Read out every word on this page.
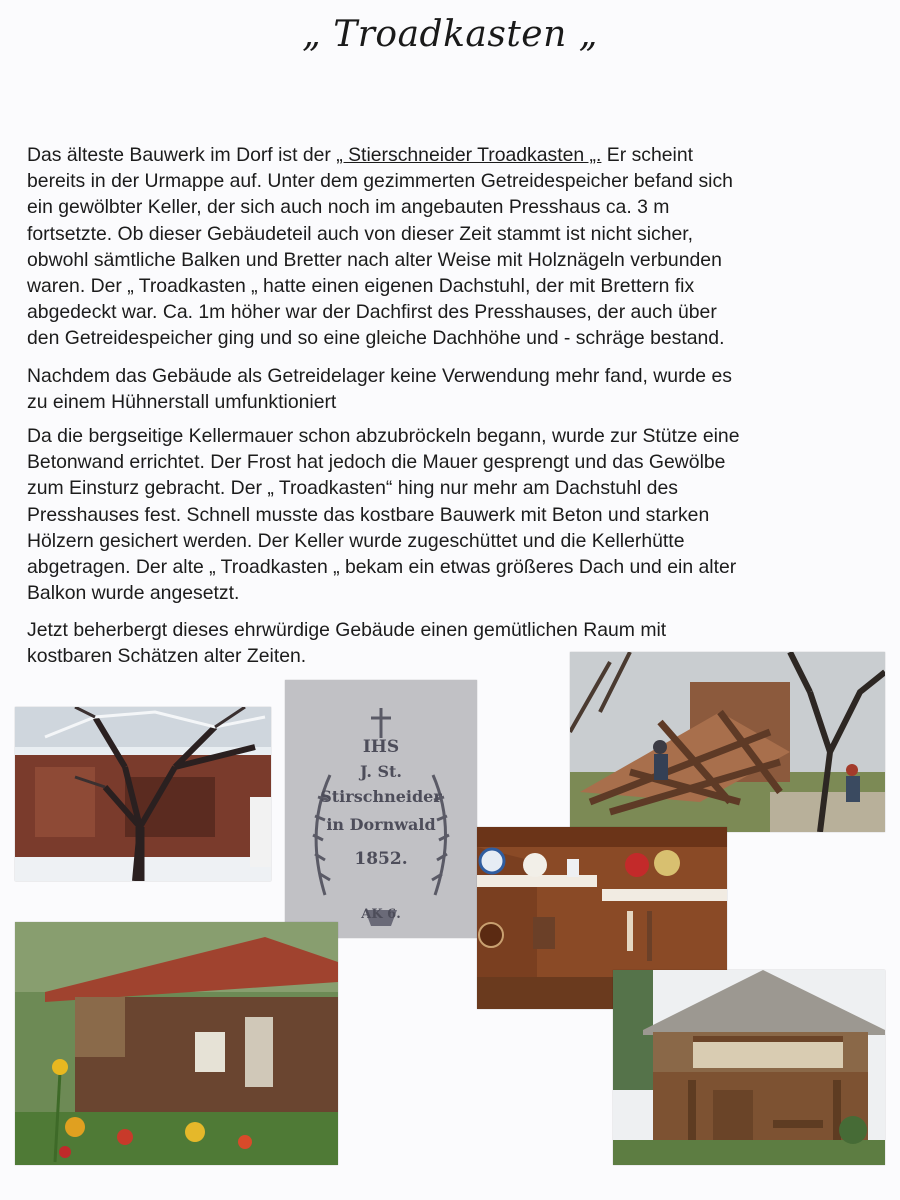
„ Troadkasten „

Das älteste Bauwerk im Dorf ist der „ Stierschneider Troadkasten „. Er scheint
bereits in der Urmappe auf. Unter dem gezimmerten Getreidespeicher befand sich
ein gewölbter Keller, der sich auch noch im angebauten Presshaus ca. 3 m
fortsetzte. Ob dieser Gebäudeteil auch von dieser Zeit stammt ist nicht sicher,
obwohl sämtliche Balken und Bretter nach alter Weise mit Holznägeln verbunden
waren. Der „ Troadkasten „ hatte einen eigenen Dachstuhl, der mit Brettern fix
abgedeckt war. Ca. 1m höher war der Dachfirst des Presshauses, der auch über
den Getreidespeicher ging und so eine gleiche Dachhöhe und - schräge bestand.

Nachdem das Gebäude als Getreidelager keine Verwendung mehr fand, wurde es
zu einem Hühnerstall umfunktioniert

Da die bergseitige Kellermauer schon abzubröckeln begann, wurde zur Stütze eine
Betonwand errichtet. Der Frost hat jedoch die Mauer gesprengt und das Gewölbe
zum Einsturz gebracht. Der „ Troadkasten“ hing nur mehr am Dachstuhl des
Presshauses fest. Schnell musste das kostbare Bauwerk mit Beton und starken
Hölzern gesichert werden. Der Keller wurde zugeschüttet und die Kellerhütte
abgetragen. Der alte „ Troadkasten „ bekam ein etwas größeres Dach und ein alter
Balkon wurde angesetzt.

Jetzt beherbergt dieses ehrwürdige Gebäude einen gemütlichen Raum mit
kostbaren Schätzen alter Zeiten.

IHS
J. St.
Stirschneider
in Dornwald
1852.
AK 6.
